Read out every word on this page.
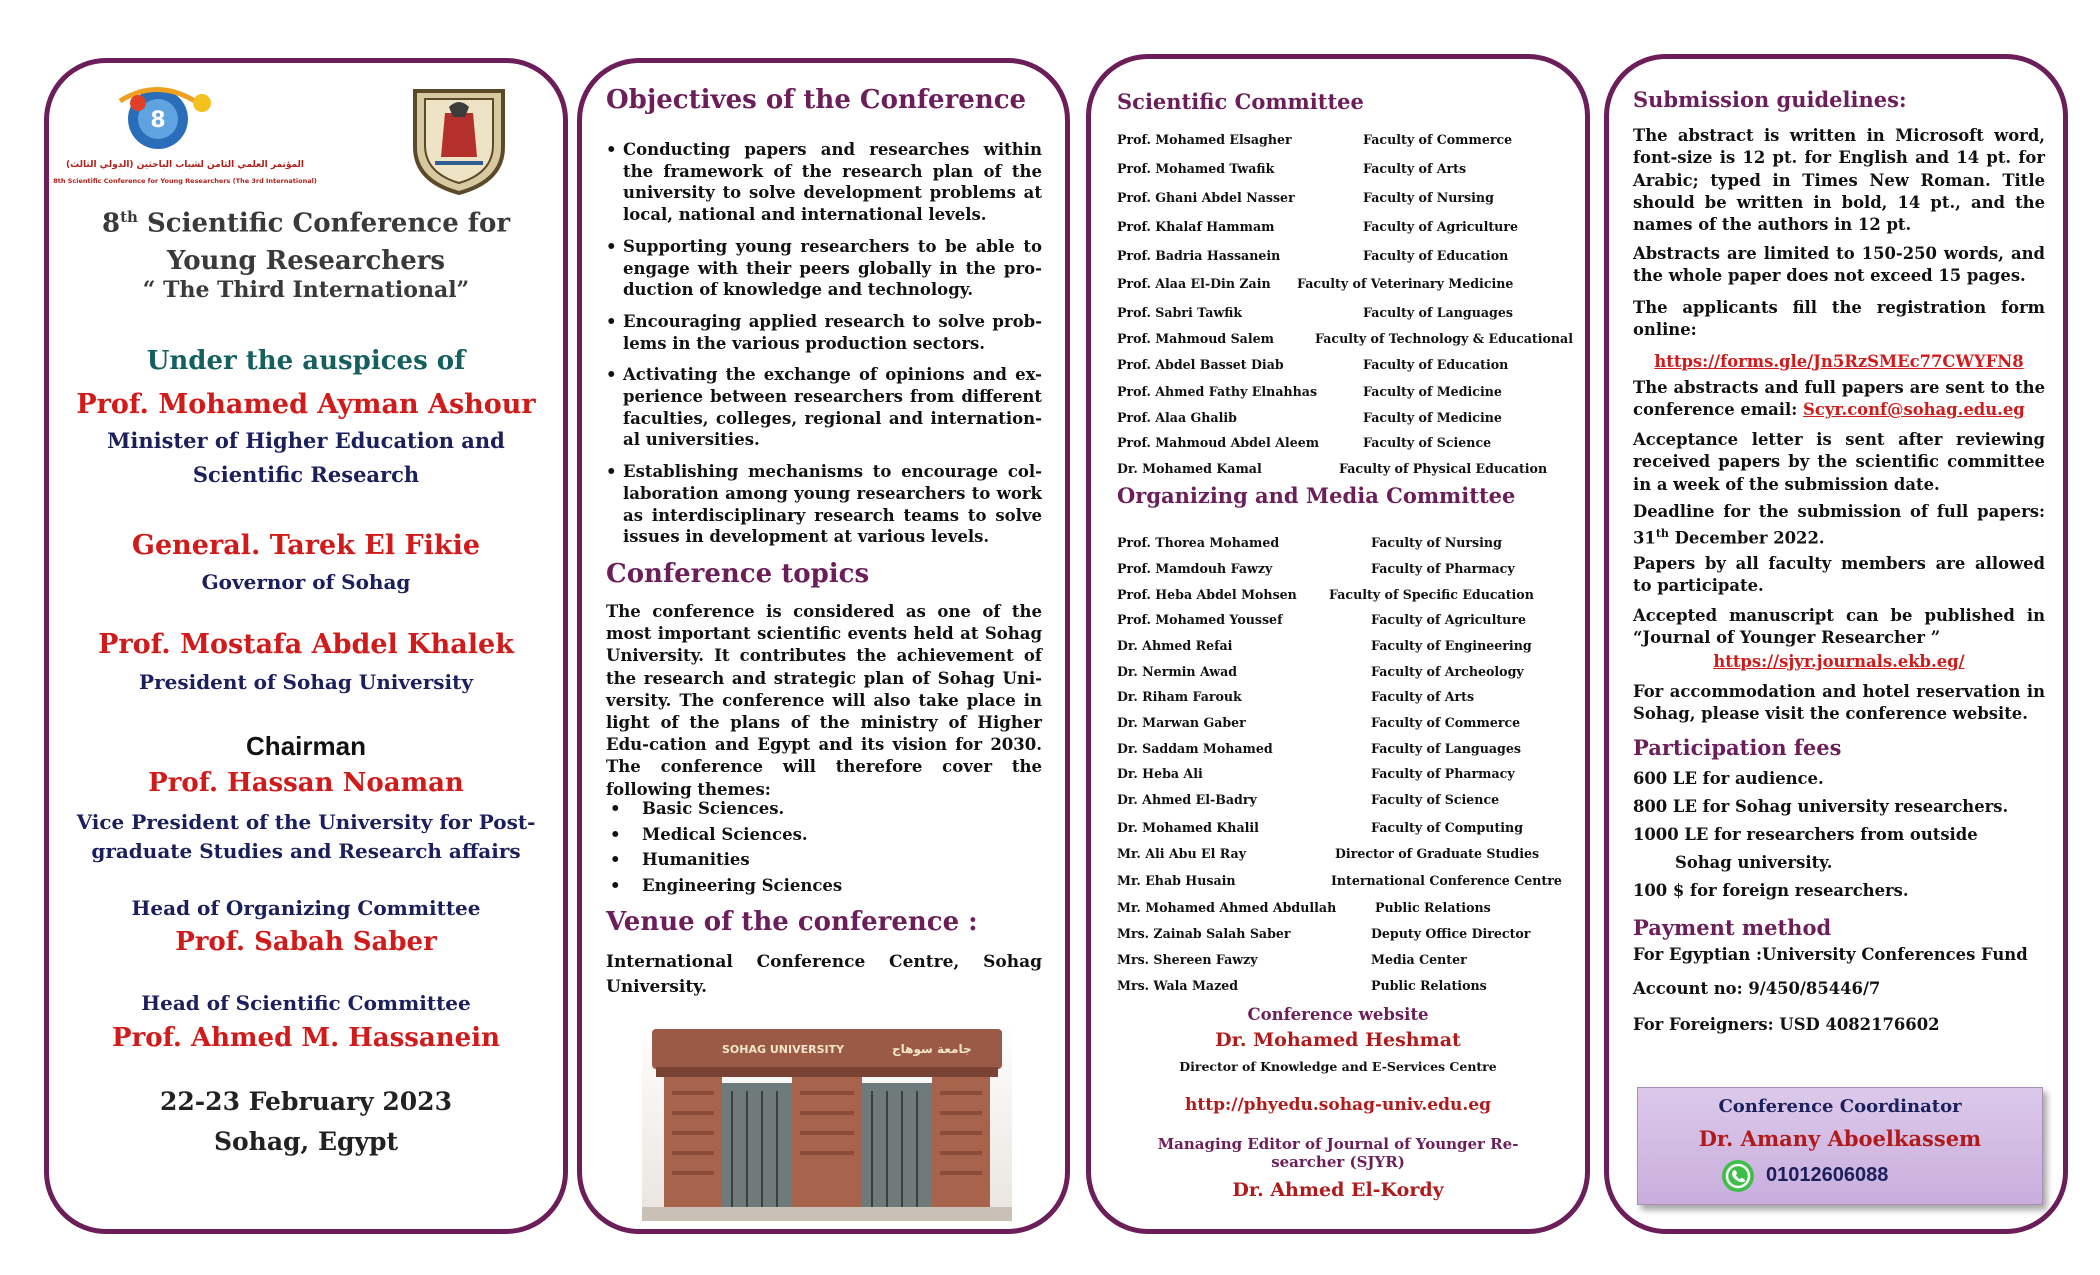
8
المؤتمر العلمي الثامن لشباب الباحثين (الدولي الثالث)
8th Scientific Conference for Young Researchers (The 3rd International)
8th Scientific Conference for
Young Researchers
“ The Third International”
Under the auspices of
Prof. Mohamed Ayman Ashour
Minister of Higher Education and
Scientific Research
General. Tarek El Fikie
Governor of Sohag
Prof. Mostafa Abdel Khalek
President of Sohag University
Chairman
Prof. Hassan Noaman
Vice President of the University for Post-
graduate Studies and Research affairs
Head of Organizing Committee
Prof. Sabah Saber
Head of Scientific Committee
Prof. Ahmed M. Hassanein
22-23 February 2023
Sohag, Egypt
Objectives of the Conference
• Conducting papers and researches within the framework of the research plan of the university to solve development problems at local, national and international levels.
• Supporting young researchers to be able to engage with their peers globally in the pro-duction of knowledge and technology.
• Encouraging applied research to solve prob-lems in the various production sectors.
• Activating the exchange of opinions and ex-perience between researchers from different faculties, colleges, regional and internation-al universities.
• Establishing mechanisms to encourage col-laboration among young researchers to work as interdisciplinary research teams to solve issues in development at various levels.
Conference topics

The conference is considered as one of the most important scientific events held at Sohag University. It contributes the achievement of the research and strategic plan of Sohag Uni-versity. The conference will also take place in light of the plans of the ministry of Higher Edu-cation and Egypt and its vision for 2030. The conference will therefore cover the following themes:

• Basic Sciences.
• Medical Sciences.
• Humanities
• Engineering Sciences
Venue of the conference :

International Conference Centre, Sohag University.

SOHAG UNIVERSITY	جامعة سوهاج
Scientific Committee
Organizing and Media Committee
Conference website
Dr. Mohamed Heshmat
Director of Knowledge and E-Services Centre
http://phyedu.sohag-univ.edu.eg
Managing Editor of Journal of Younger Re-
searcher (SJYR)
Dr. Ahmed El-Kordy
Prof. Mohamed Elsagher	Faculty of Commerce
Prof. Mohamed Twafik	Faculty of Arts
Prof. Ghani Abdel Nasser	Faculty of Nursing
Prof. Khalaf Hammam	Faculty of Agriculture
Prof. Badria Hassanein	Faculty of Education
Prof. Alaa El-Din Zain Faculty of Veterinary Medicine
Prof. Sabri Tawfik	Faculty of Languages
Prof. Mahmoud Salem	Faculty of Technology & Educational
Prof. Abdel Basset Diab	Faculty of Education
Prof. Ahmed Fathy Elnahhas	Faculty of Medicine
Prof. Alaa Ghalib	Faculty of Medicine
Prof. Mahmoud Abdel Aleem	Faculty of Science
Dr. Mohamed Kamal	Faculty of Physical Education
Prof. Thorea Mohamed	Faculty of Nursing
Prof. Mamdouh Fawzy	Faculty of Pharmacy
Prof. Heba Abdel Mohsen	Faculty of Specific Education
Prof. Mohamed Youssef	Faculty of Agriculture
Dr. Ahmed Refai	Faculty of Engineering
Dr. Nermin Awad	Faculty of Archeology
Dr. Riham Farouk	Faculty of Arts
Dr. Marwan Gaber	Faculty of Commerce
Dr. Saddam Mohamed	Faculty of Languages
Dr. Heba Ali	Faculty of Pharmacy
Dr. Ahmed El-Badry	Faculty of Science
Dr. Mohamed Khalil	Faculty of Computing
Mr. Ali Abu El Ray	Director of Graduate Studies
Mr. Ehab Husain	International Conference Centre
Mr. Mohamed Ahmed Abdullah	Public Relations
Mrs. Zainab Salah Saber	Deputy Office Director
Mrs. Shereen Fawzy	Media Center
Mrs. Wala Mazed	Public Relations
Submission guidelines:

The abstract is written in Microsoft word, font-size is 12 pt. for English and 14 pt. for Arabic; typed in Times New Roman. Title should be written in bold, 14 pt., and the names of the authors in 12 pt.

Abstracts are limited to 150-250 words, and the whole paper does not exceed 15 pages.

The applicants fill the registration form online:

https://forms.gle/Jn5RzSMEc77CWYFN8

The abstracts and full papers are sent to the conference email: Scyr.conf@sohag.edu.eg

Acceptance letter is sent after reviewing received papers by the scientific committee in a week of the submission date.

Deadline for the submission of full papers: 31th December 2022.

Papers by all faculty members are allowed to participate.

Accepted manuscript can be published in “Journal of Younger Researcher ”

https://sjyr.journals.ekb.eg/

For accommodation and hotel reservation in Sohag, please visit the conference website.

Participation fees
600 LE for audience.
800 LE for Sohag university researchers.
1000 LE for researchers from outside
Sohag university.
100 $ for foreign researchers.
Payment method
For Egyptian :University Conferences Fund
Account no: 9/450/85446/7
For Foreigners: USD 4082176602
Conference Coordinator
Dr. Amany Aboelkassem
01012606088
